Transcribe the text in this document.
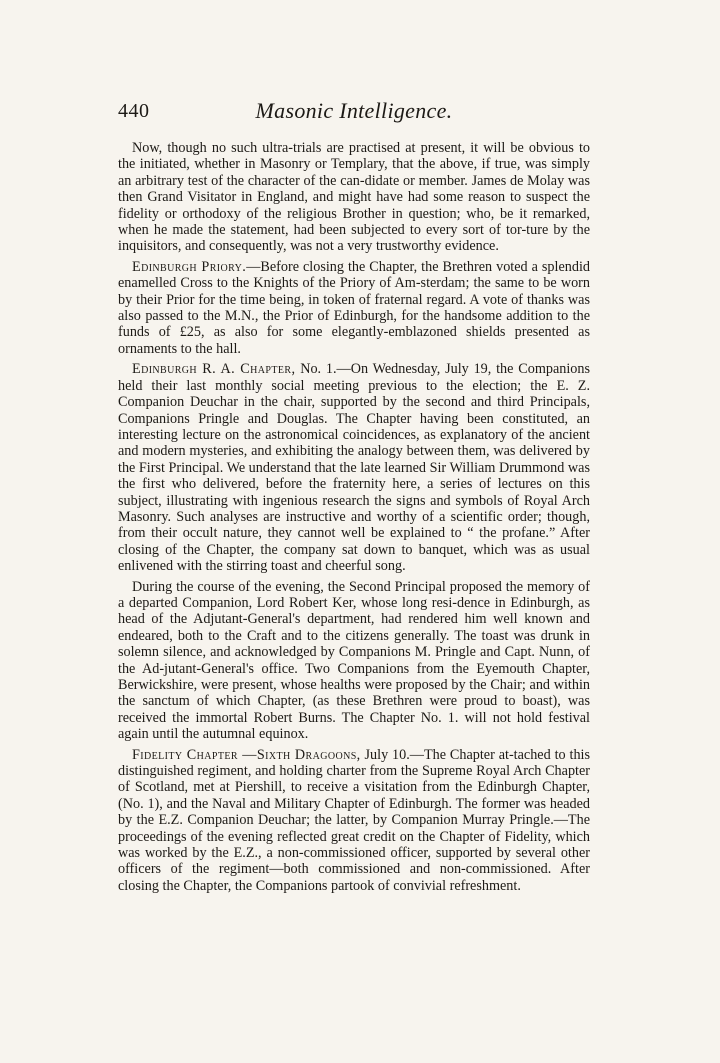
440	Masonic Intelligence.

Now, though no such ultra-trials are practised at present, it will be obvious to the initiated, whether in Masonry or Templary, that the above, if true, was simply an arbitrary test of the character of the can-didate or member. James de Molay was then Grand Visitator in England, and might have had some reason to suspect the fidelity or orthodoxy of the religious Brother in question; who, be it remarked, when he made the statement, had been subjected to every sort of tor-ture by the inquisitors, and consequently, was not a very trustworthy evidence.

Edinburgh Priory.—Before closing the Chapter, the Brethren voted a splendid enamelled Cross to the Knights of the Priory of Am-sterdam; the same to be worn by their Prior for the time being, in token of fraternal regard. A vote of thanks was also passed to the M.N., the Prior of Edinburgh, for the handsome addition to the funds of £25, as also for some elegantly-emblazoned shields presented as ornaments to the hall.

Edinburgh R. A. Chapter, No. 1.—On Wednesday, July 19, the Companions held their last monthly social meeting previous to the election; the E. Z. Companion Deuchar in the chair, supported by the second and third Principals, Companions Pringle and Douglas. The Chapter having been constituted, an interesting lecture on the astronomical coincidences, as explanatory of the ancient and modern mysteries, and exhibiting the analogy between them, was delivered by the First Principal. We understand that the late learned Sir William Drummond was the first who delivered, before the fraternity here, a series of lectures on this subject, illustrating with ingenious research the signs and symbols of Royal Arch Masonry. Such analyses are instructive and worthy of a scientific order; though, from their occult nature, they cannot well be explained to “ the profane.” After closing of the Chapter, the company sat down to banquet, which was as usual enlivened with the stirring toast and cheerful song.

During the course of the evening, the Second Principal proposed the memory of a departed Companion, Lord Robert Ker, whose long resi-dence in Edinburgh, as head of the Adjutant-General's department, had rendered him well known and endeared, both to the Craft and to the citizens generally. The toast was drunk in solemn silence, and acknowledged by Companions M. Pringle and Capt. Nunn, of the Ad-jutant-General's office. Two Companions from the Eyemouth Chapter, Berwickshire, were present, whose healths were proposed by the Chair; and within the sanctum of which Chapter, (as these Brethren were proud to boast), was received the immortal Robert Burns. The Chapter No. 1. will not hold festival again until the autumnal equinox.

Fidelity Chapter —Sixth Dragoons, July 10.—The Chapter at-tached to this distinguished regiment, and holding charter from the Supreme Royal Arch Chapter of Scotland, met at Piershill, to receive a visitation from the Edinburgh Chapter, (No. 1), and the Naval and Military Chapter of Edinburgh. The former was headed by the E.Z. Companion Deuchar; the latter, by Companion Murray Pringle.—The proceedings of the evening reflected great credit on the Chapter of Fidelity, which was worked by the E.Z., a non-commissioned officer, supported by several other officers of the regiment—both commissioned and non-commissioned. After closing the Chapter, the Companions partook of convivial refreshment.
